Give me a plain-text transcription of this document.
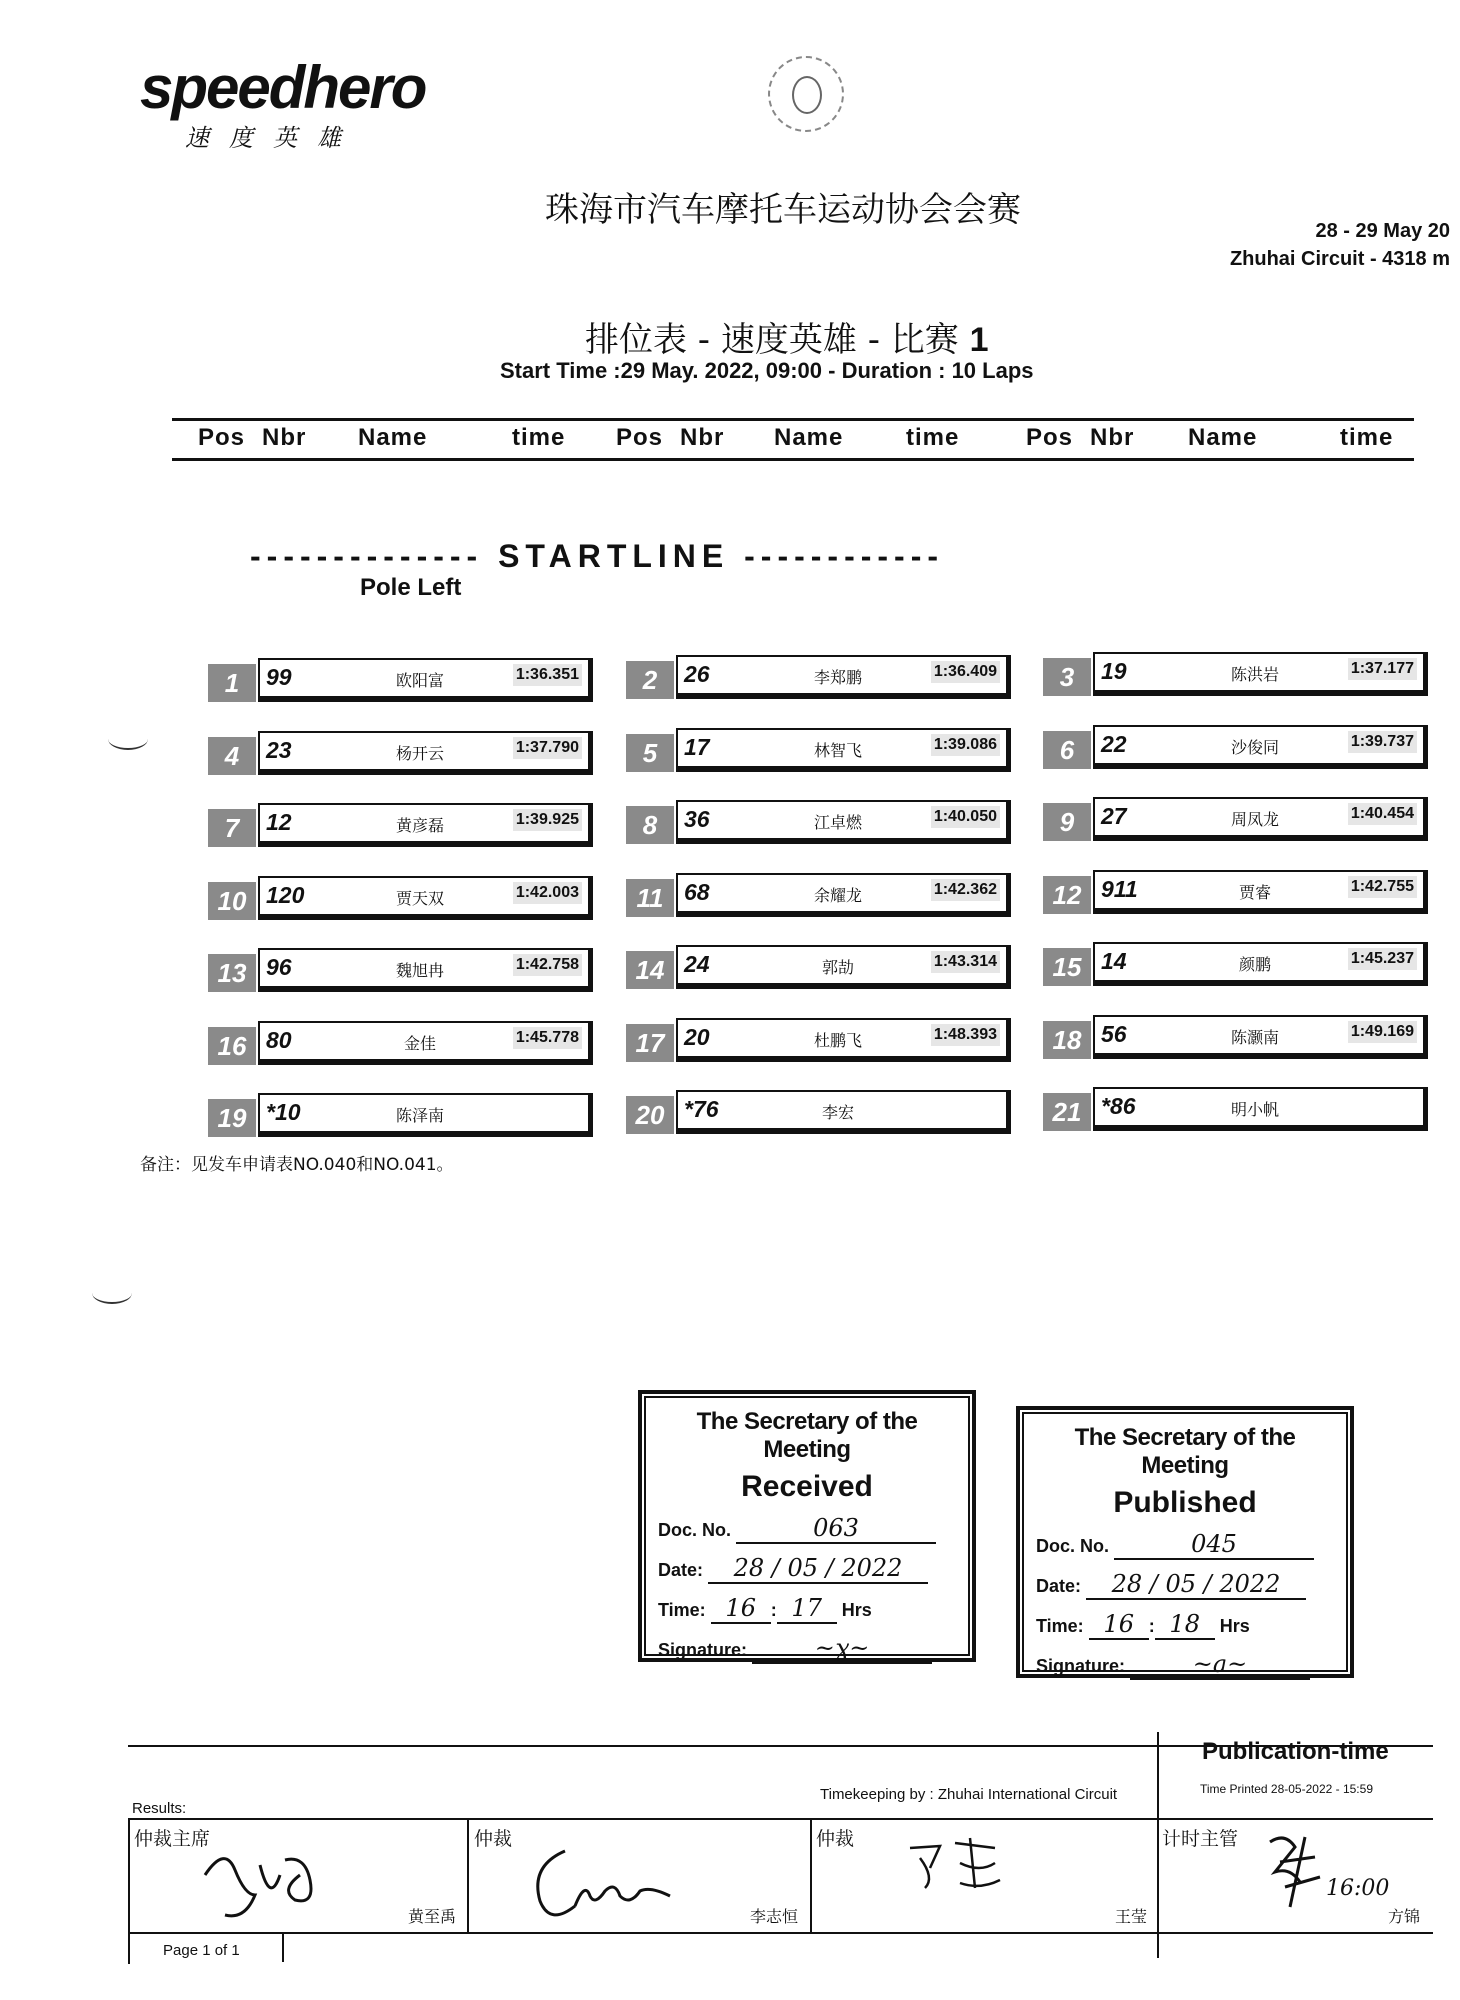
speedhero
速度英雄
珠海市汽车摩托车运动协会会赛
28 - 29 May 20
Zhuhai Circuit - 4318 m
排位表 - 速度英雄 - 比赛 1
Start Time :29 May. 2022, 09:00 - Duration : 10 Laps
Pos Nbr Name	time Pos Nbr Name	time	Pos Nbr Name	time
-------------- STARTLINE ------------
Pole Left
1	99	欧阳富	1:36.351	2	26	李郑鹏	1:36.409	3	19	陈洪岩	1:37.177
4	23	杨开云	1:37.790	5	17	林智飞	1:39.086	6	22	沙俊同	1:39.737
7	12	黄彦磊	1:39.925	8	36	江卓燃	1:40.050	9	27	周凤龙	1:40.454
10 120	贾天双	1:42.003	11 68	余耀龙	1:42.362	12 911	贾睿	1:42.755
13 96	魏旭冉	1:42.758	14 24	郭劼	1:43.314	15 14	颜鹏	1:45.237
16 80	金佳	1:45.778	17 20	杜鹏飞	1:48.393	18 56	陈灏南	1:49.169
19 *10	陈泽南	20 *76	李宏	21 *86	明小帆
备注：见发车申请表NO.040和NO.041。
The Secretary of the Meeting
Received
Doc. No.	063
Date: 28 / 05 / 2022
Time: 16 : 17 Hrs
Signature:	~ɣ~
The Secretary of the Meeting
Published
Doc. No.	045
Date: 28 / 05 / 2022
Time: 16 : 18 Hrs
Signature:	~a~
Publication-time
Time Printed 28-05-2022 - 15:59
Timekeeping by : Zhuhai International Circuit
Results:
仲裁主席	仲裁	仲裁	计时主管
黄至禹	李志恒	王莹	方锦
16:00
Page 1 of 1
